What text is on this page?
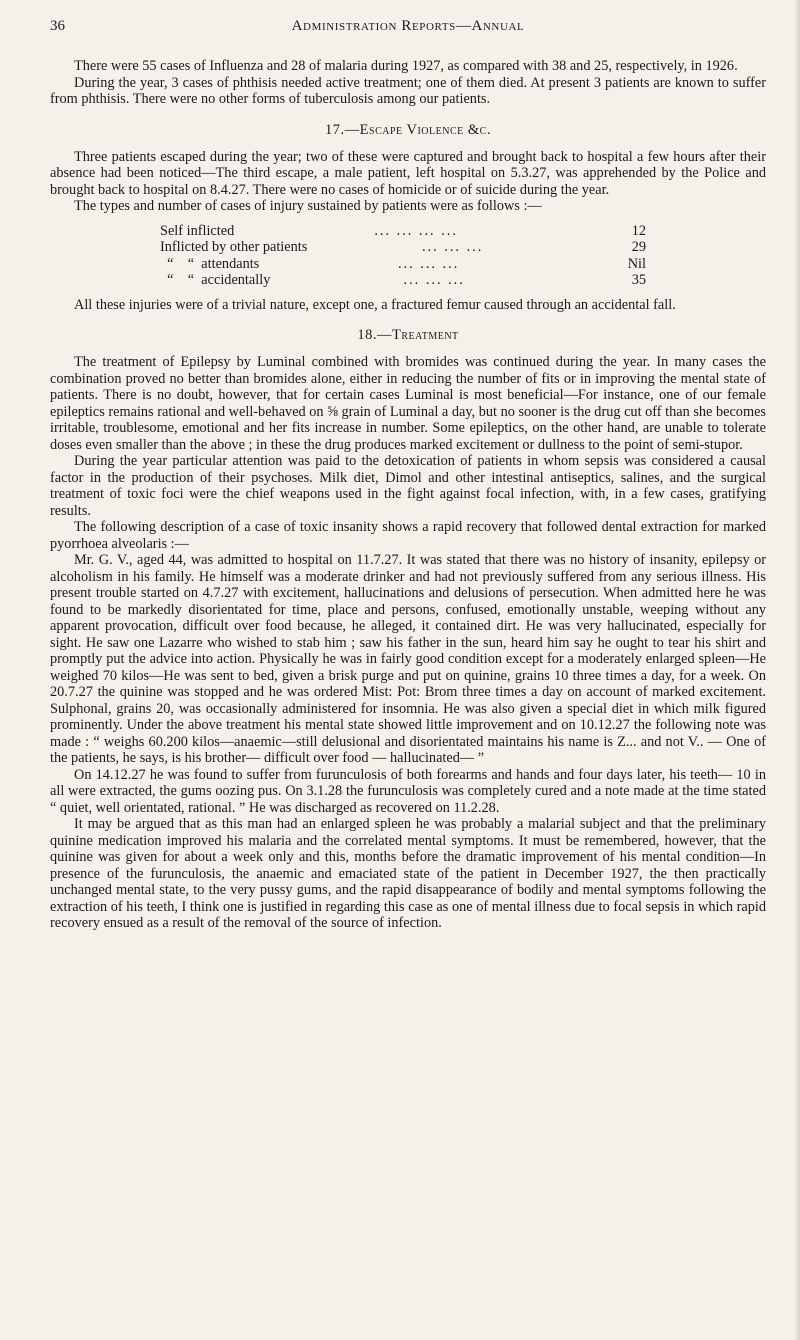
36	Administration Reports—Annual

There were 55 cases of Influenza and 28 of malaria during 1927, as compared with 38 and 25, respectively, in 1926.

During the year, 3 cases of phthisis needed active treatment; one of them died. At present 3 patients are known to suffer from phthisis. There were no other forms of tuberculosis among our patients.

17.—Escape Violence &c.

Three patients escaped during the year; two of these were captured and brought back to hospital a few hours after their absence had been noticed—The third escape, a male patient, left hospital on 5.3.27, was apprehended by the Police and brought back to hospital on 8.4.27. There were no cases of homicide or of suicide during the year.

The types and number of cases of injury sustained by patients were as follows :—

Self inflicted	... ... ... ...	12
Inflicted by other patients	... ... ...	29
“    “  attendants	... ... ...	Nil
“    “  accidentally	... ... ...	35

All these injuries were of a trivial nature, except one, a fractured femur caused through an accidental fall.

18.—Treatment

The treatment of Epilepsy by Luminal combined with bromides was continued during the year. In many cases the combination proved no better than bromides alone, either in reducing the number of fits or in improving the mental state of patients. There is no doubt, however, that for certain cases Luminal is most beneficial—For instance, one of our female epileptics remains rational and well-behaved on ⅝ grain of Luminal a day, but no sooner is the drug cut off than she becomes irritable, troublesome, emotional and her fits increase in number. Some epileptics, on the other hand, are unable to tolerate doses even smaller than the above ; in these the drug produces marked excitement or dullness to the point of semi-stupor.

During the year particular attention was paid to the detoxication of patients in whom sepsis was considered a causal factor in the production of their psychoses. Milk diet, Dimol and other intestinal antiseptics, salines, and the surgical treatment of toxic foci were the chief weapons used in the fight against focal infection, with, in a few cases, gratifying results.

The following description of a case of toxic insanity shows a rapid recovery that followed dental extraction for marked pyorrhoea alveolaris :—

Mr. G. V., aged 44, was admitted to hospital on 11.7.27. It was stated that there was no history of insanity, epilepsy or alcoholism in his family. He himself was a moderate drinker and had not previously suffered from any serious illness. His present trouble started on 4.7.27 with excitement, hallucinations and delusions of persecution. When admitted here he was found to be markedly disorientated for time, place and persons, confused, emotionally unstable, weeping without any apparent provocation, difficult over food because, he alleged, it contained dirt. He was very hallucinated, especially for sight. He saw one Lazarre who wished to stab him ; saw his father in the sun, heard him say he ought to tear his shirt and promptly put the advice into action. Physically he was in fairly good condition except for a moderately enlarged spleen—He weighed 70 kilos—He was sent to bed, given a brisk purge and put on quinine, grains 10 three times a day, for a week. On 20.7.27 the quinine was stopped and he was ordered Mist: Pot: Brom three times a day on account of marked excitement. Sulphonal, grains 20, was occasionally administered for insomnia. He was also given a special diet in which milk figured prominently. Under the above treatment his mental state showed little improvement and on 10.12.27 the following note was made : “ weighs 60.200 kilos—anaemic—still delusional and disorientated maintains his name is Z... and not V.. — One of the patients, he says, is his brother— difficult over food — hallucinated— ”

On 14.12.27 he was found to suffer from furunculosis of both forearms and hands and four days later, his teeth— 10 in all were extracted, the gums oozing pus. On 3.1.28 the furunculosis was completely cured and a note made at the time stated “ quiet, well orientated, rational. ” He was discharged as recovered on 11.2.28.

It may be argued that as this man had an enlarged spleen he was probably a malarial subject and that the preliminary quinine medication improved his malaria and the correlated mental symptoms. It must be remembered, however, that the quinine was given for about a week only and this, months before the dramatic improvement of his mental condition—In presence of the furunculosis, the anaemic and emaciated state of the patient in December 1927, the then practically unchanged mental state, to the very pussy gums, and the rapid disappearance of bodily and mental symptoms following the extraction of his teeth, I think one is justified in regarding this case as one of mental illness due to focal sepsis in which rapid recovery ensued as a result of the removal of the source of infection.
